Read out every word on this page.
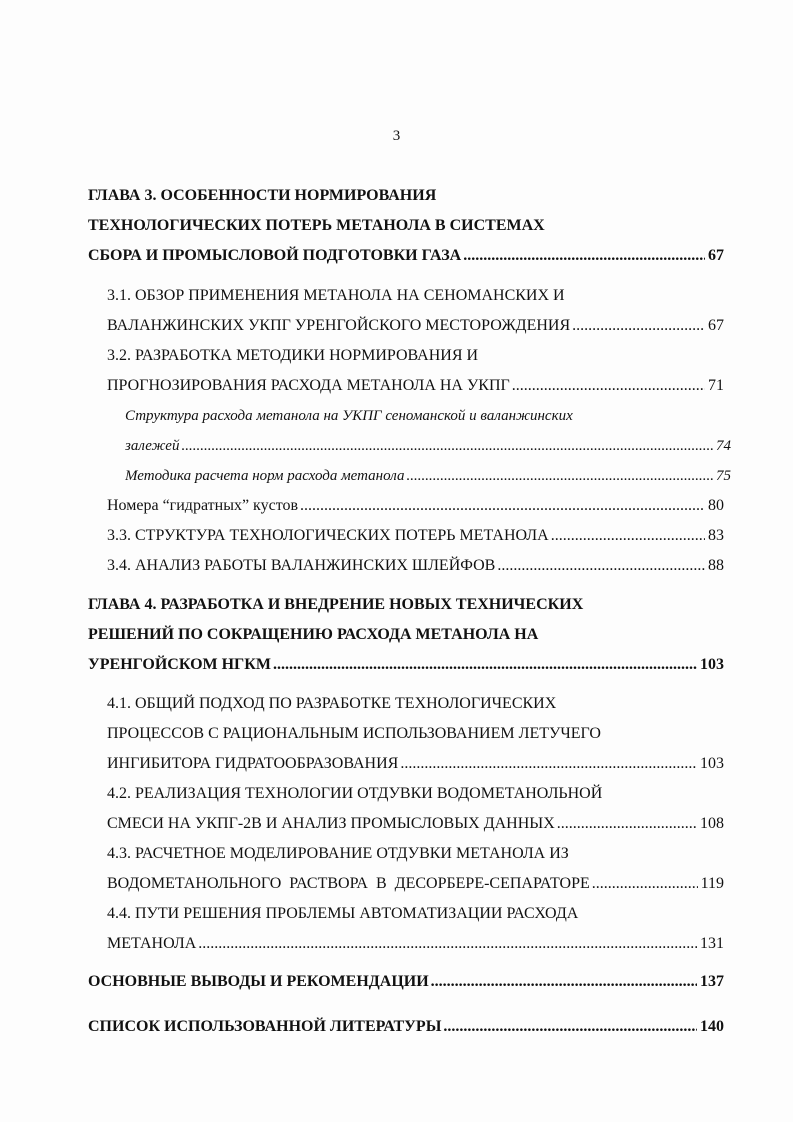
3
ГЛАВА 3. ОСОБЕННОСТИ НОРМИРОВАНИЯ
ТЕХНОЛОГИЧЕСКИХ ПОТЕРЬ МЕТАНОЛА В СИСТЕМАХ
СБОРА И ПРОМЫСЛОВОЙ ПОДГОТОВКИ ГАЗА .....	67
3.1. ОБЗОР ПРИМЕНЕНИЯ МЕТАНОЛА НА СЕНОМАНСКИХ И
ВАЛАНЖИНСКИХ УКПГ УРЕНГОЙСКОГО МЕСТОРОЖДЕНИЯ .....	67
3.2. РАЗРАБОТКА МЕТОДИКИ НОРМИРОВАНИЯ И
ПРОГНОЗИРОВАНИЯ РАСХОДА МЕТАНОЛА НА УКПГ .....	71
Структура расхода метанола на УКПГ сеноманской и валанжинских
залежей .....	74
Методика расчета норм расхода метанола .....	75
Номера “гидратных” кустов .....	80
3.3. СТРУКТУРА ТЕХНОЛОГИЧЕСКИХ ПОТЕРЬ МЕТАНОЛА .....	83
3.4. АНАЛИЗ РАБОТЫ ВАЛАНЖИНСКИХ ШЛЕЙФОВ .....	88
ГЛАВА 4. РАЗРАБОТКА И ВНЕДРЕНИЕ НОВЫХ ТЕХНИЧЕСКИХ
РЕШЕНИЙ ПО СОКРАЩЕНИЮ РАСХОДА МЕТАНОЛА НА
УРЕНГОЙСКОМ НГКМ .....	103
4.1. ОБЩИЙ ПОДХОД ПО РАЗРАБОТКЕ ТЕХНОЛОГИЧЕСКИХ
ПРОЦЕССОВ С РАЦИОНАЛЬНЫМ ИСПОЛЬЗОВАНИЕМ ЛЕТУЧЕГО
ИНГИБИТОРА ГИДРАТООБРАЗОВАНИЯ .....	103
4.2. РЕАЛИЗАЦИЯ ТЕХНОЛОГИИ ОТДУВКИ ВОДОМЕТАНОЛЬНОЙ
СМЕСИ НА УКПГ-2В И АНАЛИЗ ПРОМЫСЛОВЫХ ДАННЫХ .....	108
4.3. РАСЧЕТНОЕ МОДЕЛИРОВАНИЕ ОТДУВКИ МЕТАНОЛА ИЗ
ВОДОМЕТАНОЛЬНОГО  РАСТВОРА  В  ДЕСОРБЕРЕ-СЕПАРАТОРЕ .....	119
4.4. ПУТИ РЕШЕНИЯ ПРОБЛЕМЫ АВТОМАТИЗАЦИИ РАСХОДА
МЕТАНОЛА .....	131
ОСНОВНЫЕ ВЫВОДЫ И РЕКОМЕНДАЦИИ .....	137
СПИСОК ИСПОЛЬЗОВАННОЙ ЛИТЕРАТУРЫ .....	140
